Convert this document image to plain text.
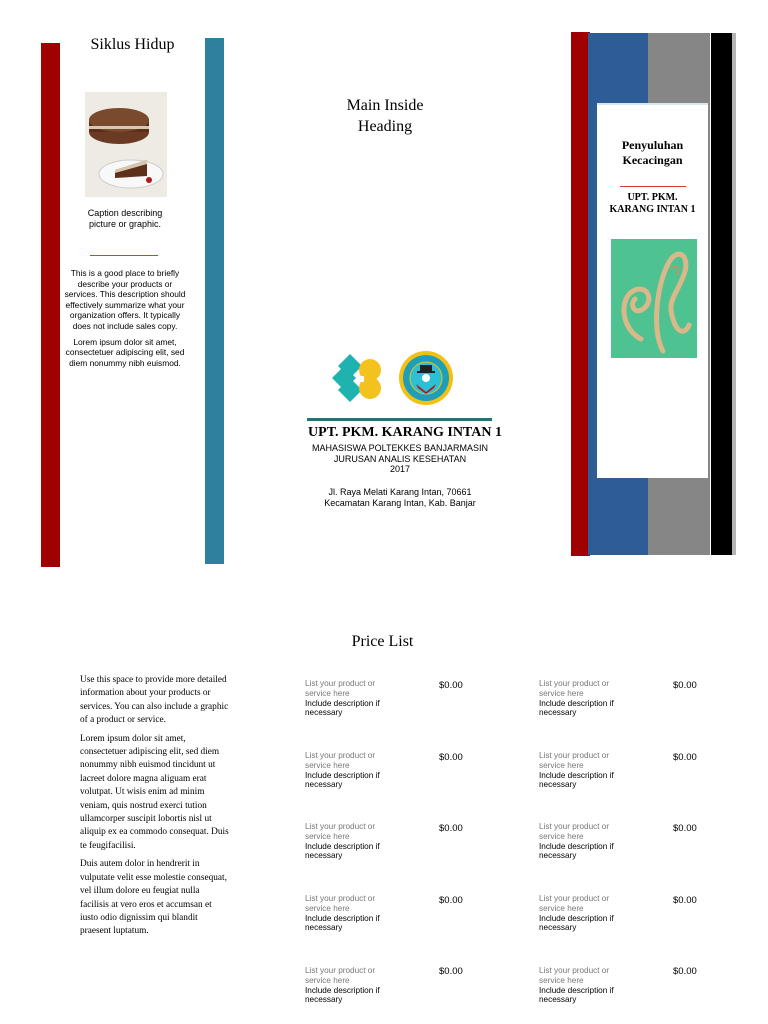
Siklus Hidup
Caption describing picture or graphic.

This is a good place to briefly describe your products or services. This description should effectively summarize what your organization offers. It typically does not include sales copy.

Lorem ipsum dolor sit amet, consectetuer adipiscing elit, sed diem nonummy nibh euismod.

Main Inside
Heading
UPT. PKM. KARANG INTAN 1
MAHASISWA POLTEKKES BANJARMASIN
JURUSAN ANALIS KESEHATAN
2017
Jl. Raya Melati Karang Intan, 70661
Kecamatan Karang Intan, Kab. Banjar
Penyuluhan
Kecacingan
UPT. PKM.
KARANG INTAN 1
Price List

Use this space to provide more detailed information about your products or services. You can also include a graphic of a product or service.

Lorem ipsum dolor sit amet, consectetuer adipiscing elit, sed diem nonummy nibh euismod tincidunt ut lacreet dolore magna aliguam erat volutpat. Ut wisis enim ad minim veniam, quis nostrud exerci tution ullamcorper suscipit lobortis nisl ut aliquip ex ea commodo consequat. Duis te feugifacilisi.

Duis autem dolor in hendrerit in vulputate velit esse molestie consequat, vel illum dolore eu feugiat nulla facilisis at vero eros et accumsan et iusto odio dignissim qui blandit praesent luptatum.

List your product or service here
Include description if necessary
$0.00
List your product or service here
Include description if necessary
$0.00
List your product or service here
Include description if necessary
$0.00
List your product or service here
Include description if necessary
$0.00
List your product or service here
Include description if necessary
$0.00
List your product or service here
Include description if necessary
$0.00
List your product or service here
Include description if necessary
$0.00
List your product or service here
Include description if necessary
$0.00
List your product or service here
Include description if necessary
$0.00
List your product or service here
Include description if necessary
$0.00
